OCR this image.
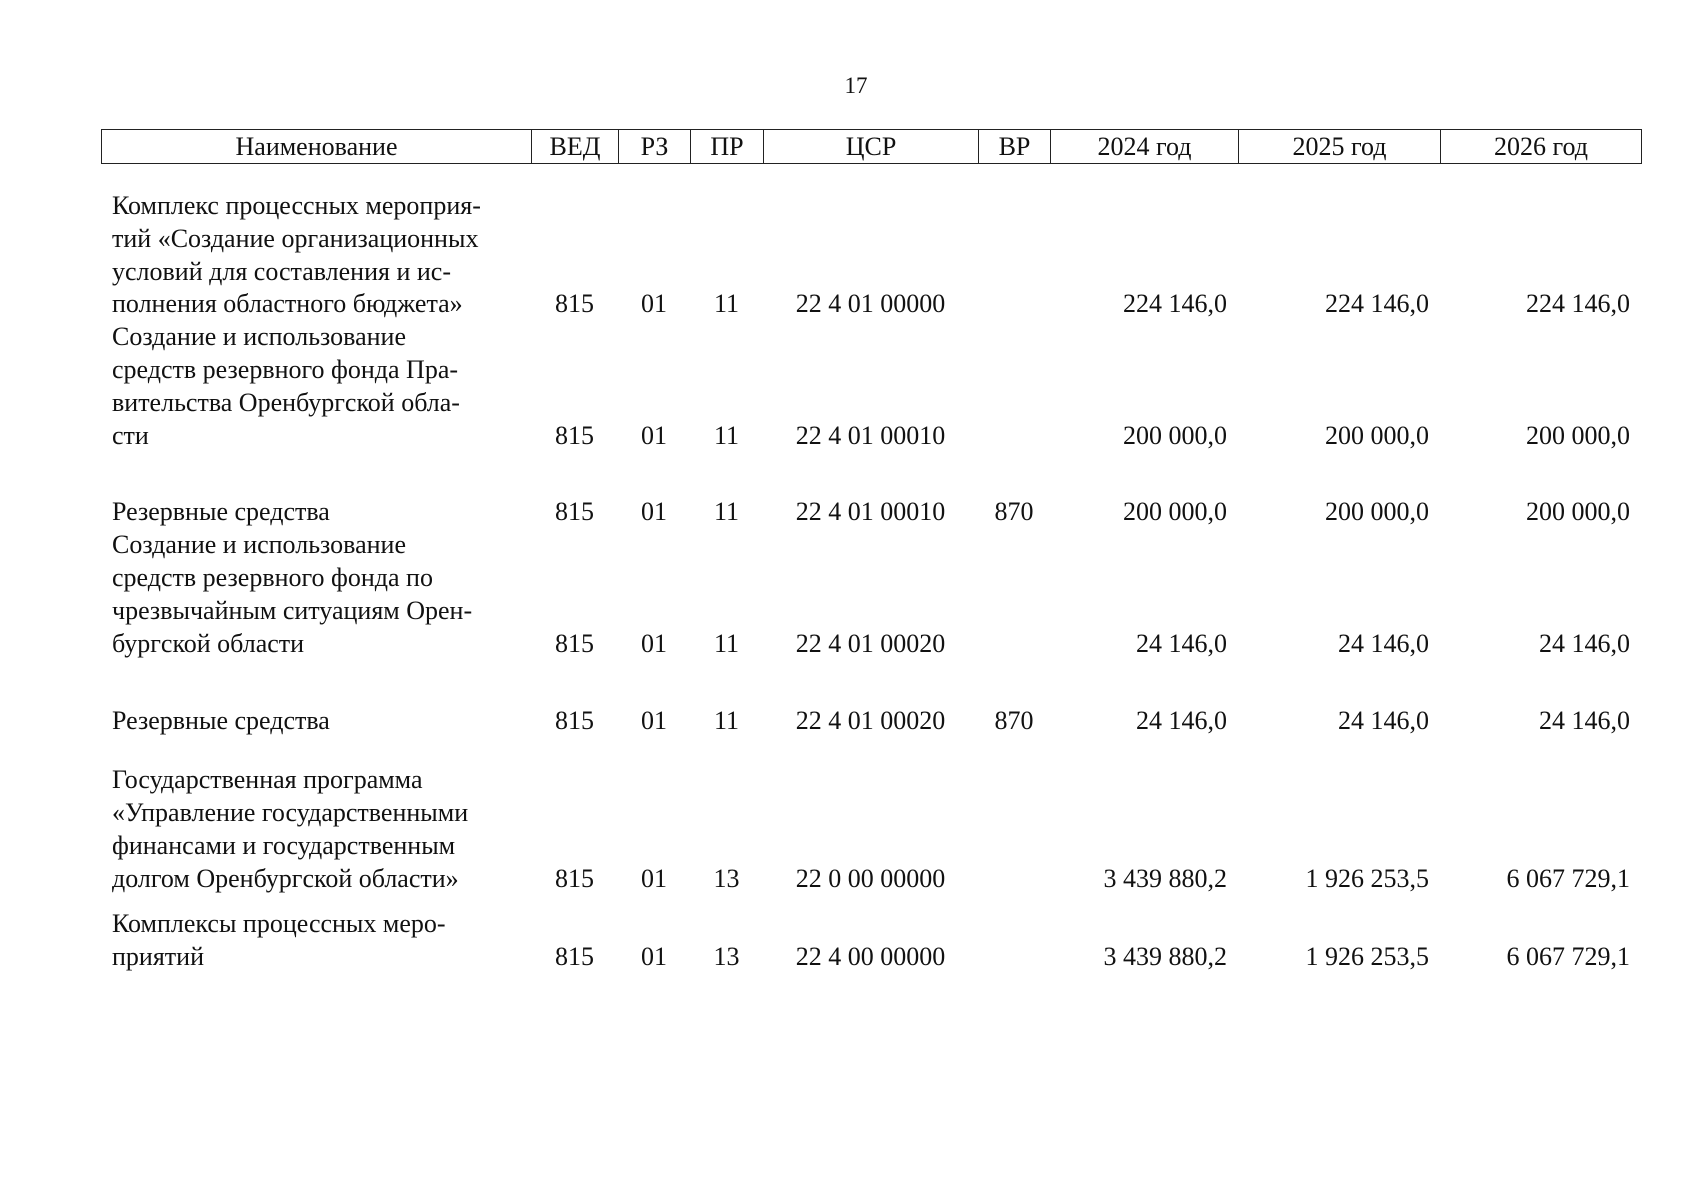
17
Наименование	ВЕД	РЗ	ПР	ЦСР	ВР	2024 год	2025 год	2026 год
Комплекс процессных мероприя-
тий «Создание организационных
условий для составления и ис-
полнения областного бюджета»	815	01	11	22 4 01 00000		224 146,0	224 146,0	224 146,0

Создание и использование
средств резервного фонда Пра-
вительства Оренбургской обла-
сти	815	01	11	22 4 01 00010		200 000,0	200 000,0	200 000,0

Резервные средства	815	01	11	22 4 01 00010	870	200 000,0	200 000,0	200 000,0

Создание и использование
средств резервного фонда по
чрезвычайным ситуациям Орен-
бургской области	815	01	11	22 4 01 00020		24 146,0	24 146,0	24 146,0

Резервные средства	815	01	11	22 4 01 00020	870	24 146,0	24 146,0	24 146,0

Государственная программа
«Управление государственными
финансами и государственным
долгом Оренбургской области»	815	01	13	22 0 00 00000		3 439 880,2	1 926 253,5	6 067 729,1

Комплексы процессных меро-
приятий	815	01	13	22 4 00 00000		3 439 880,2	1 926 253,5	6 067 729,1
